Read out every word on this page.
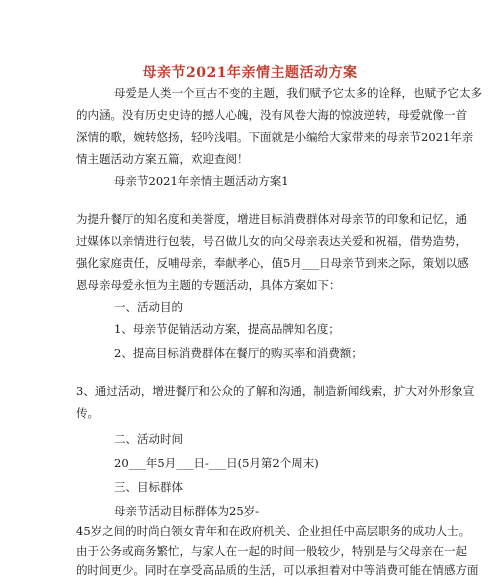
母亲节2021年亲情主题活动方案
母爱是人类一个亘古不变的主题，我们赋予它太多的诠释，也赋予它太多
的内涵。没有历史史诗的撼人心魄，没有风卷大海的惊波逆转，母爱就像一首
深情的歌，婉转悠扬，轻吟浅唱。下面就是小编给大家带来的母亲节2021年亲
情主题活动方案五篇，欢迎查阅！
母亲节2021年亲情主题活动方案1
为提升餐厅的知名度和美誉度，增进目标消费群体对母亲节的印象和记忆，通
过媒体以亲情进行包装，号召做儿女的向父母亲表达关爱和祝福，借势造势，
强化家庭责任，反哺母亲，奉献孝心，值5月___日母亲节到来之际，策划以感
恩母亲母爱永恒为主题的专题活动，具体方案如下：
一、活动目的
1、母亲节促销活动方案，提高品牌知名度；
2、提高目标消费群体在餐厅的购买率和消费额；
3、通过活动，增进餐厅和公众的了解和沟通，制造新闻线索，扩大对外形象宣
传。
二、活动时间
20___年5月___日-___日(5月第2个周末)
三、目标群体
母亲节活动目标群体为25岁-
45岁之间的时尚白领女青年和在政府机关、企业担任中高层职务的成功人士。
由于公务或商务繁忙，与家人在一起的时间一般较少，特别是与父母亲在一起
的时间更少。同时在享受高品质的生活，可以承担着对中等消费可能在情感方面
